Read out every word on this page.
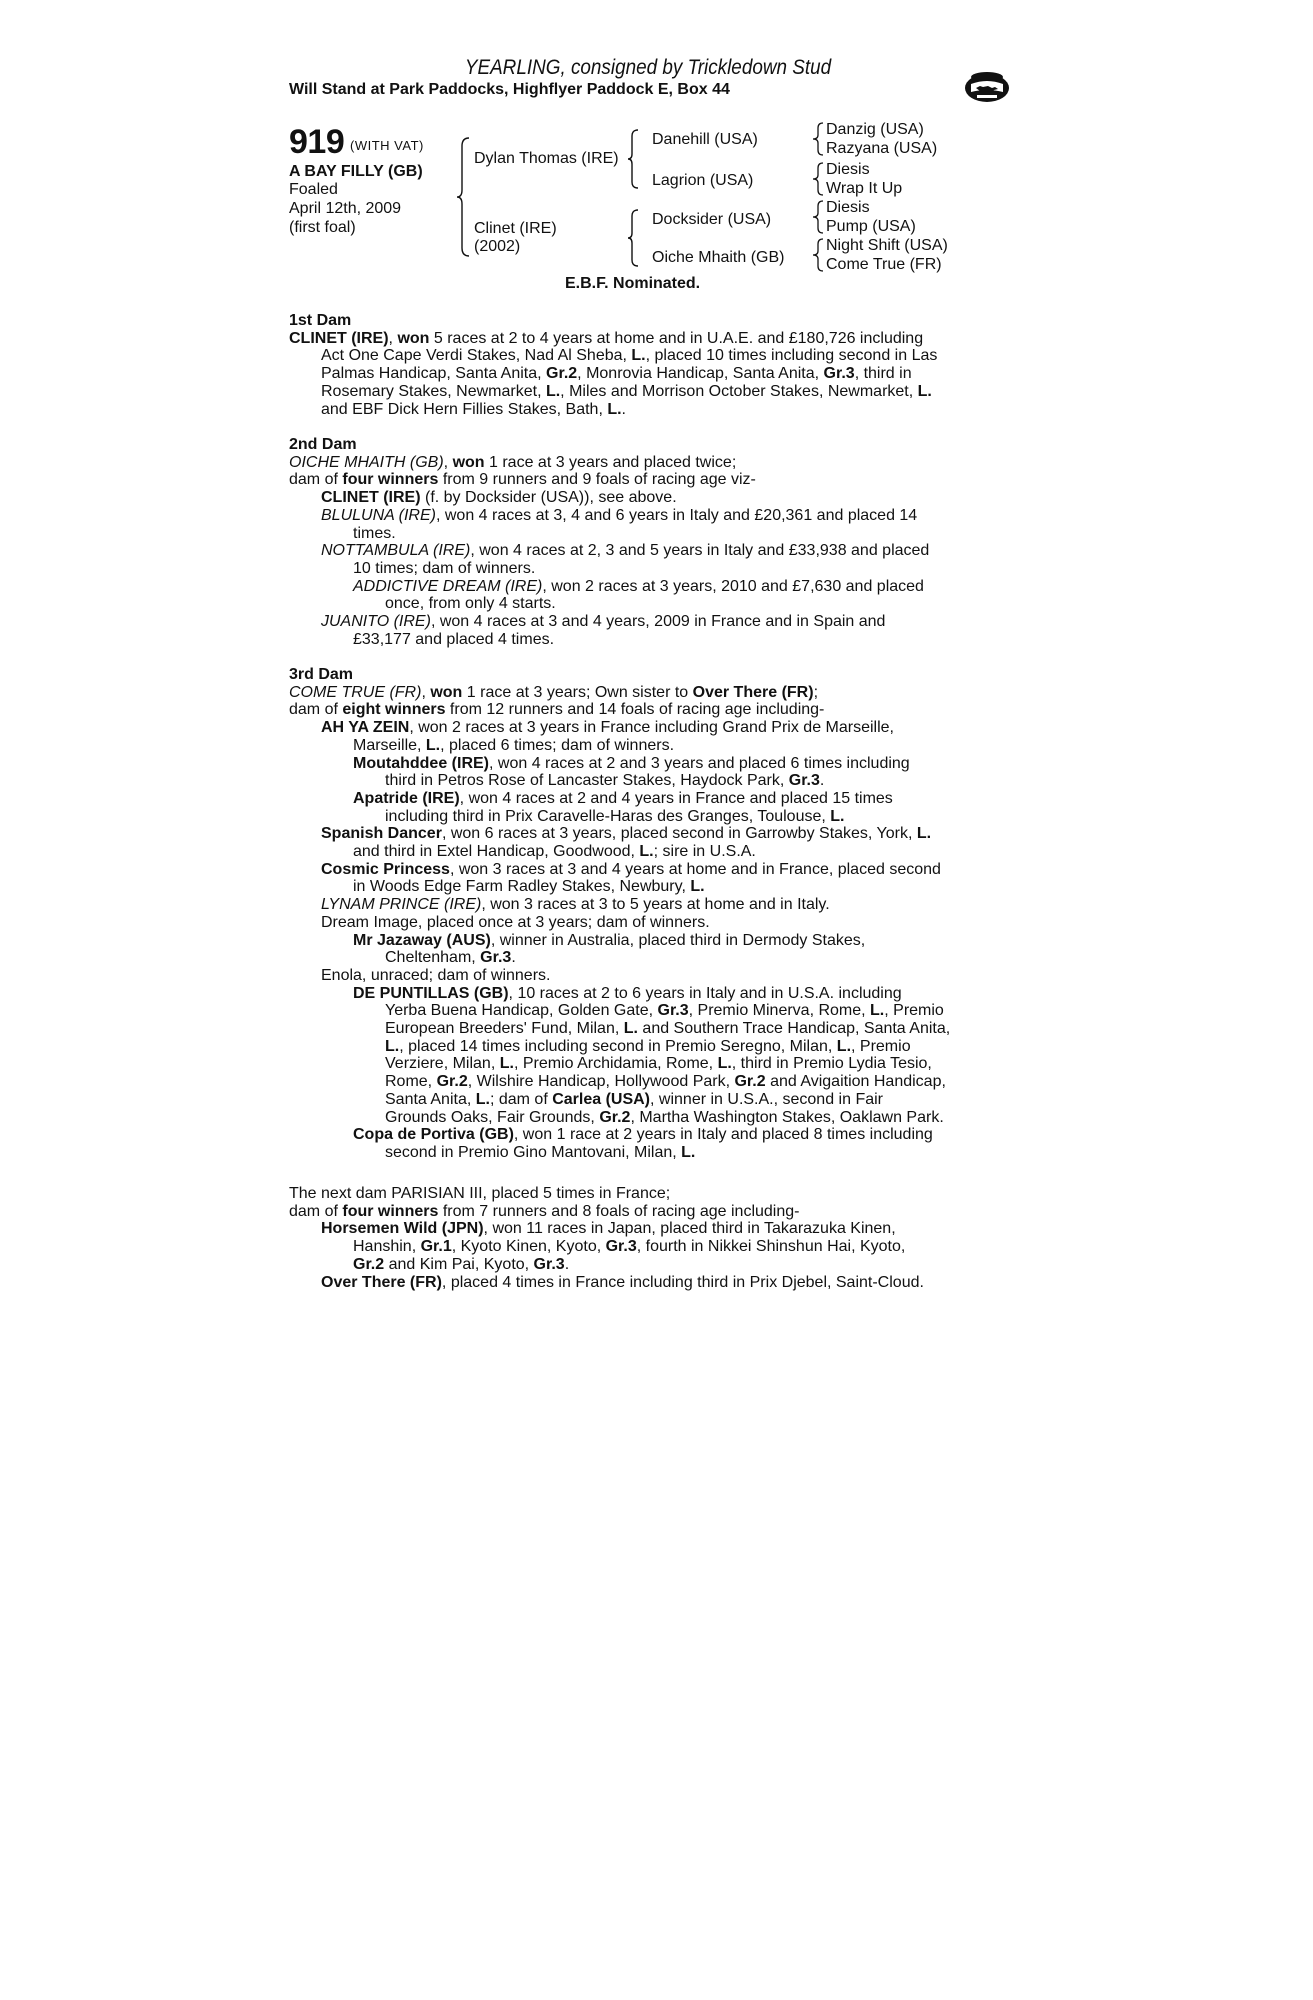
YEARLING, consigned by Trickledown Stud
Will Stand at Park Paddocks, Highflyer Paddock E, Box 44
919 (WITH VAT)
A BAY FILLY (GB)
Foaled
April 12th, 2009
(first foal)
Dylan Thomas (IRE)
Clinet (IRE)
(2002)
Danehill (USA)
Lagrion (USA)
Docksider (USA)
Oiche Mhaith (GB)
Danzig (USA)
Razyana (USA)
Diesis
Wrap It Up
Diesis
Pump (USA)
Night Shift (USA)
Come True (FR)
E.B.F. Nominated.
1st Dam
CLINET (IRE), won 5 races at 2 to 4 years at home and in U.A.E. and £180,726 including
Act One Cape Verdi Stakes, Nad Al Sheba, L., placed 10 times including second in Las
Palmas Handicap, Santa Anita, Gr.2, Monrovia Handicap, Santa Anita, Gr.3, third in
Rosemary Stakes, Newmarket, L., Miles and Morrison October Stakes, Newmarket, L.
and EBF Dick Hern Fillies Stakes, Bath, L..
2nd Dam
OICHE MHAITH (GB), won 1 race at 3 years and placed twice;
dam of four winners from 9 runners and 9 foals of racing age viz-
CLINET (IRE) (f. by Docksider (USA)), see above.
BLULUNA (IRE), won 4 races at 3, 4 and 6 years in Italy and £20,361 and placed 14
times.
NOTTAMBULA (IRE), won 4 races at 2, 3 and 5 years in Italy and £33,938 and placed
10 times; dam of winners.
ADDICTIVE DREAM (IRE), won 2 races at 3 years, 2010 and £7,630 and placed
once, from only 4 starts.
JUANITO (IRE), won 4 races at 3 and 4 years, 2009 in France and in Spain and
£33,177 and placed 4 times.
3rd Dam
COME TRUE (FR), won 1 race at 3 years; Own sister to Over There (FR);
dam of eight winners from 12 runners and 14 foals of racing age including-
AH YA ZEIN, won 2 races at 3 years in France including Grand Prix de Marseille,
Marseille, L., placed 6 times; dam of winners.
Moutahddee (IRE), won 4 races at 2 and 3 years and placed 6 times including
third in Petros Rose of Lancaster Stakes, Haydock Park, Gr.3.
Apatride (IRE), won 4 races at 2 and 4 years in France and placed 15 times
including third in Prix Caravelle-Haras des Granges, Toulouse, L.
Spanish Dancer, won 6 races at 3 years, placed second in Garrowby Stakes, York, L.
and third in Extel Handicap, Goodwood, L.; sire in U.S.A.
Cosmic Princess, won 3 races at 3 and 4 years at home and in France, placed second
in Woods Edge Farm Radley Stakes, Newbury, L.
LYNAM PRINCE (IRE), won 3 races at 3 to 5 years at home and in Italy.
Dream Image, placed once at 3 years; dam of winners.
Mr Jazaway (AUS), winner in Australia, placed third in Dermody Stakes,
Cheltenham, Gr.3.
Enola, unraced; dam of winners.
DE PUNTILLAS (GB), 10 races at 2 to 6 years in Italy and in U.S.A. including
Yerba Buena Handicap, Golden Gate, Gr.3, Premio Minerva, Rome, L., Premio
European Breeders' Fund, Milan, L. and Southern Trace Handicap, Santa Anita,
L., placed 14 times including second in Premio Seregno, Milan, L., Premio
Verziere, Milan, L., Premio Archidamia, Rome, L., third in Premio Lydia Tesio,
Rome, Gr.2, Wilshire Handicap, Hollywood Park, Gr.2 and Avigaition Handicap,
Santa Anita, L.; dam of Carlea (USA), winner in U.S.A., second in Fair
Grounds Oaks, Fair Grounds, Gr.2, Martha Washington Stakes, Oaklawn Park.
Copa de Portiva (GB), won 1 race at 2 years in Italy and placed 8 times including
second in Premio Gino Mantovani, Milan, L.
The next dam PARISIAN III, placed 5 times in France;
dam of four winners from 7 runners and 8 foals of racing age including-
Horsemen Wild (JPN), won 11 races in Japan, placed third in Takarazuka Kinen,
Hanshin, Gr.1, Kyoto Kinen, Kyoto, Gr.3, fourth in Nikkei Shinshun Hai, Kyoto,
Gr.2 and Kim Pai, Kyoto, Gr.3.
Over There (FR), placed 4 times in France including third in Prix Djebel, Saint-Cloud.
